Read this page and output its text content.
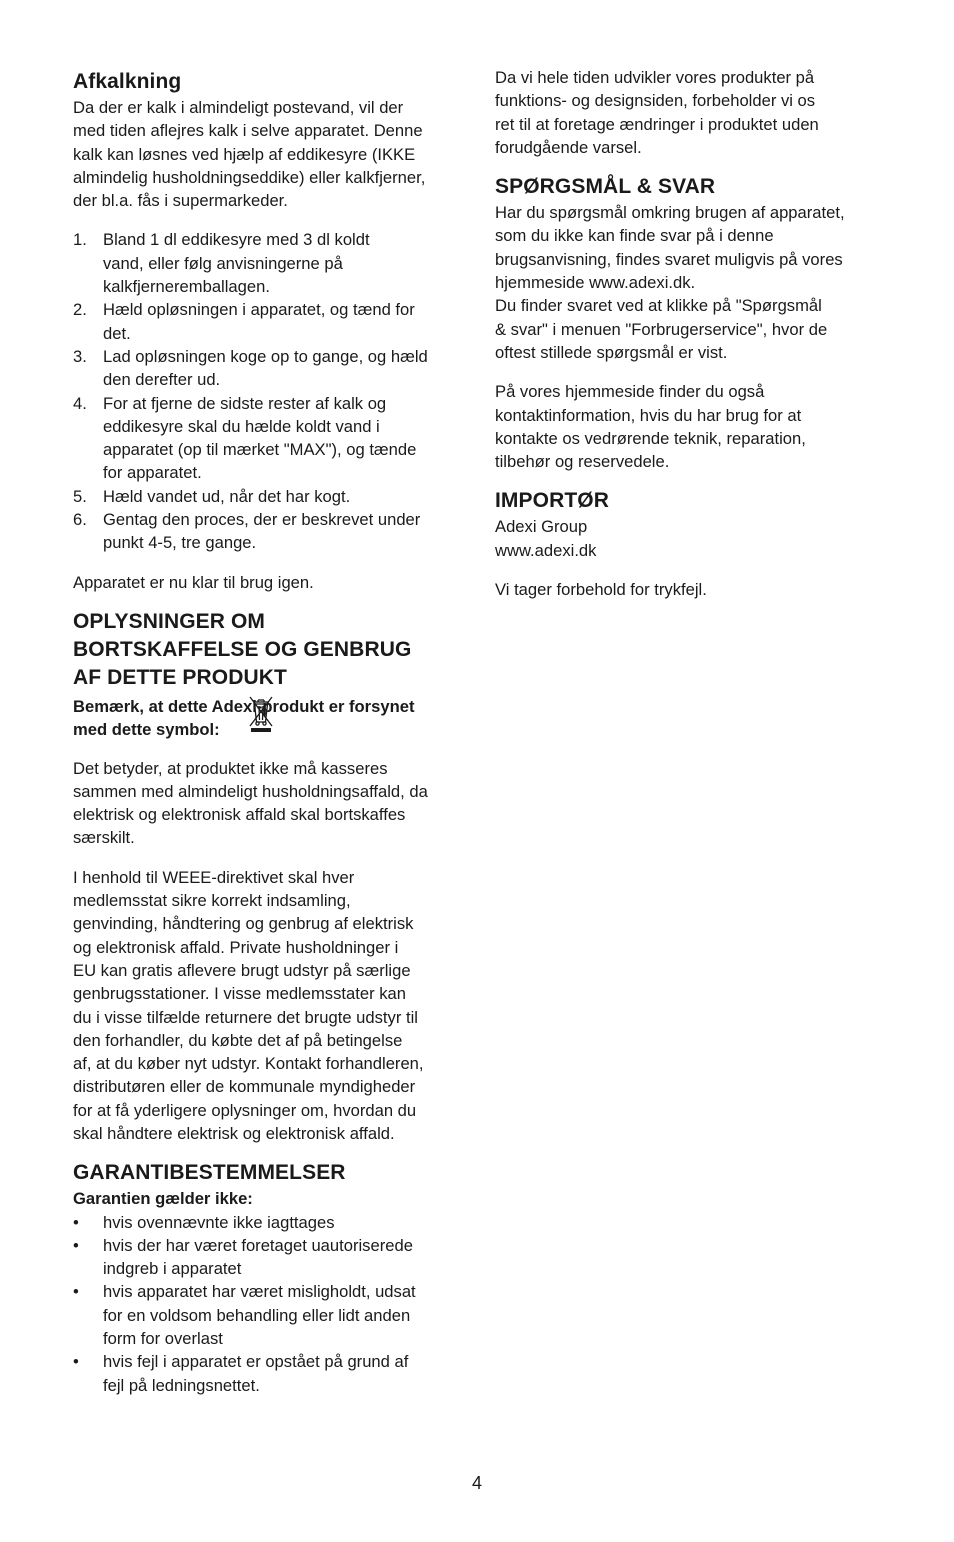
Afkalkning

Da der er kalk i almindeligt postevand, vil der
med tiden aflejres kalk i selve apparatet. Denne
kalk kan løsnes ved hjælp af eddikesyre (IKKE
almindelig husholdningseddike) eller kalkfjerner,
der bl.a. fås i supermarkeder.

1. Bland 1 dl eddikesyre med 3 dl koldt
vand, eller følg anvisningerne på
kalkfjerneremballagen.
2. Hæld opløsningen i apparatet, og tænd for
det.
3. Lad opløsningen koge op to gange, og hæld
den derefter ud.
4. For at fjerne de sidste rester af kalk og
eddikesyre skal du hælde koldt vand i
apparatet (op til mærket "MAX"), og tænde
for apparatet.
5. Hæld vandet ud, når det har kogt.
6. Gentag den proces, der er beskrevet under
punkt 4-5, tre gange.

Apparatet er nu klar til brug igen.

OPLYSNINGER OM
BORTSKAFFELSE OG GENBRUG
AF DETTE PRODUKT

Bemærk, at dette Adexi-produkt er forsynet
med dette symbol:

Det betyder, at produktet ikke må kasseres
sammen med almindeligt husholdningsaffald, da
elektrisk og elektronisk affald skal bortskaffes
særskilt.

I henhold til WEEE-direktivet skal hver
medlemsstat sikre korrekt indsamling,
genvinding, håndtering og genbrug af elektrisk
og elektronisk affald. Private husholdninger i
EU kan gratis aflevere brugt udstyr på særlige
genbrugsstationer. I visse medlemsstater kan
du i visse tilfælde returnere det brugte udstyr til
den forhandler, du købte det af på betingelse
af, at du køber nyt udstyr. Kontakt forhandleren,
distributøren eller de kommunale myndigheder
for at få yderligere oplysninger om, hvordan du
skal håndtere elektrisk og elektronisk affald.

GARANTIBESTEMMELSER

Garantien gælder ikke:

• hvis ovennævnte ikke iagttages
• hvis der har været foretaget uautoriserede
indgreb i apparatet
• hvis apparatet har været misligholdt, udsat
for en voldsom behandling eller lidt anden
form for overlast
• hvis fejl i apparatet er opstået på grund af
fejl på ledningsnettet.

Da vi hele tiden udvikler vores produkter på
funktions- og designsiden, forbeholder vi os
ret til at foretage ændringer i produktet uden
forudgående varsel.

SPØRGSMÅL & SVAR

Har du spørgsmål omkring brugen af apparatet,
som du ikke kan finde svar på i denne
brugsanvisning, findes svaret muligvis på vores
hjemmeside www.adexi.dk.
Du finder svaret ved at klikke på "Spørgsmål
& svar" i menuen "Forbrugerservice", hvor de
oftest stillede spørgsmål er vist.

På vores hjemmeside finder du også
kontaktinformation, hvis du har brug for at
kontakte os vedrørende teknik, reparation,
tilbehør og reservedele.

IMPORTØR

Adexi Group
www.adexi.dk

Vi tager forbehold for trykfejl.

4
